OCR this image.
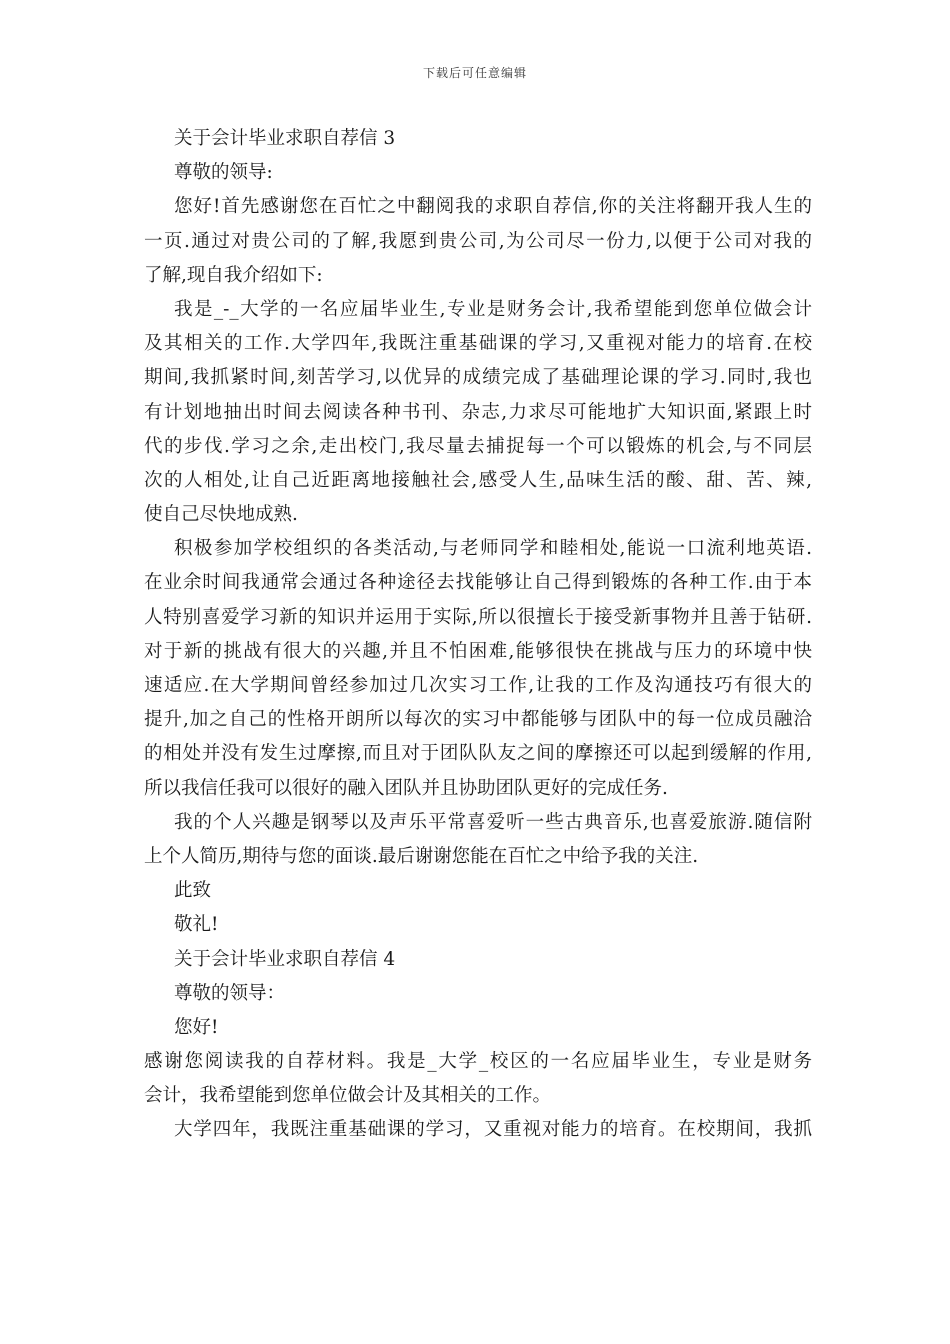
下载后可任意编辑

关于会计毕业求职自荐信 3

尊敬的领导:

您好!首先感谢您在百忙之中翻阅我的求职自荐信,你的关注将翻开我人生的

一页.通过对贵公司的了解,我愿到贵公司,为公司尽一份力,以便于公司对我的

了解,现自我介绍如下:

我是_-_大学的一名应届毕业生,专业是财务会计,我希望能到您单位做会计

及其相关的工作.大学四年,我既注重基础课的学习,又重视对能力的培育.在校

期间,我抓紧时间,刻苦学习,以优异的成绩完成了基础理论课的学习.同时,我也

有计划地抽出时间去阅读各种书刊、杂志,力求尽可能地扩大知识面,紧跟上时

代的步伐.学习之余,走出校门,我尽量去捕捉每一个可以锻炼的机会,与不同层

次的人相处,让自己近距离地接触社会,感受人生,品味生活的酸、甜、苦、辣,

使自己尽快地成熟.

积极参加学校组织的各类活动,与老师同学和睦相处,能说一口流利地英语.

在业余时间我通常会通过各种途径去找能够让自己得到锻炼的各种工作.由于本

人特别喜爱学习新的知识并运用于实际,所以很擅长于接受新事物并且善于钻研.

对于新的挑战有很大的兴趣,并且不怕困难,能够很快在挑战与压力的环境中快

速适应.在大学期间曾经参加过几次实习工作,让我的工作及沟通技巧有很大的

提升,加之自己的性格开朗所以每次的实习中都能够与团队中的每一位成员融洽

的相处并没有发生过摩擦,而且对于团队队友之间的摩擦还可以起到缓解的作用,

所以我信任我可以很好的融入团队并且协助团队更好的完成任务.

我的个人兴趣是钢琴以及声乐平常喜爱听一些古典音乐,也喜爱旅游.随信附

上个人简历,期待与您的面谈.最后谢谢您能在百忙之中给予我的关注.

此致

敬礼!

关于会计毕业求职自荐信 4

尊敬的领导：

您好!

感谢您阅读我的自荐材料。我是_大学_校区的一名应届毕业生，专业是财务

会计，我希望能到您单位做会计及其相关的工作。

大学四年，我既注重基础课的学习，又重视对能力的培育。在校期间，我抓
